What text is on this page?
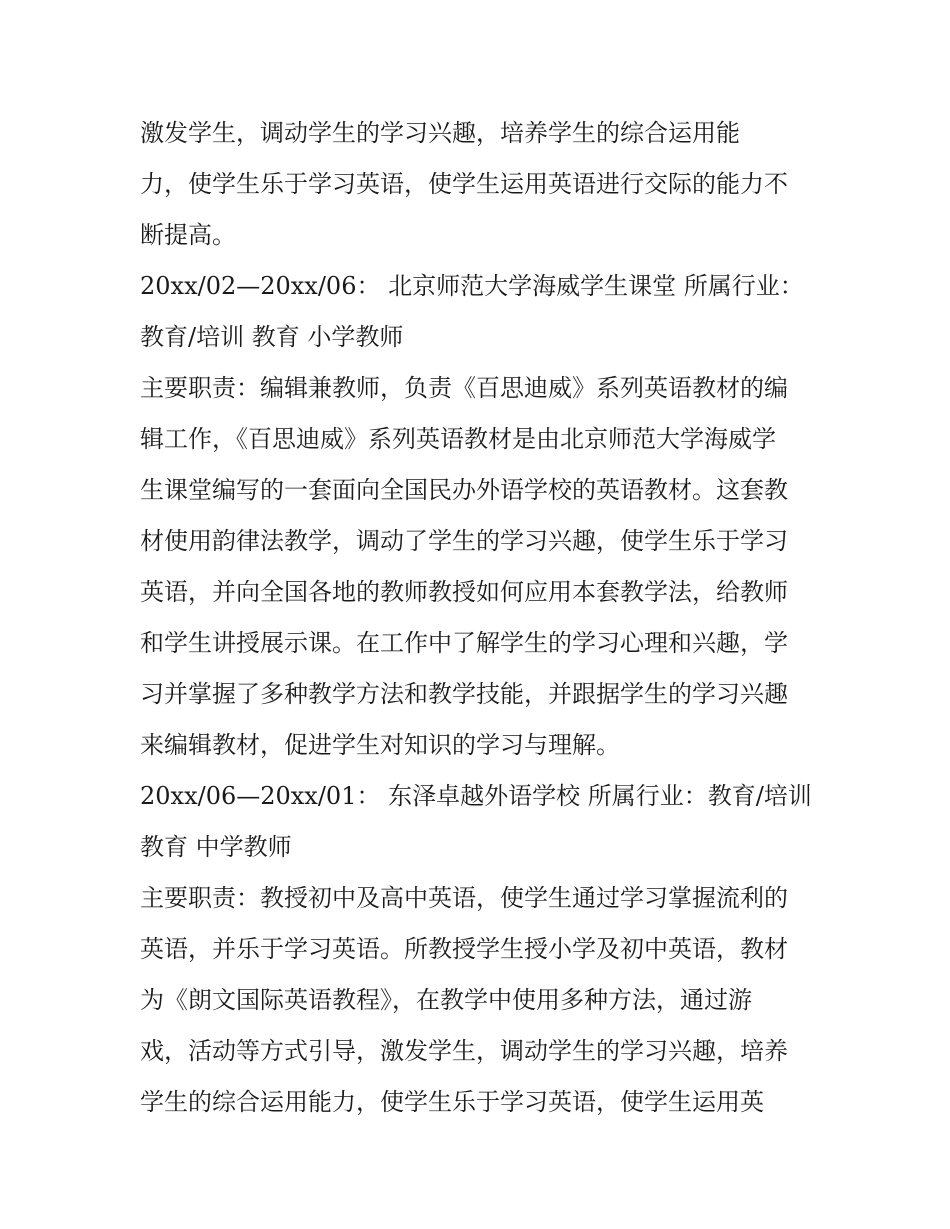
激发学生，调动学生的学习兴趣，培养学生的综合运用能
力，使学生乐于学习英语，使学生运用英语进行交际的能力不
断提高。
20xx/02—20xx/06： 北京师范大学海威学生课堂 所属行业：
教育/培训 教育 小学教师
主要职责：编辑兼教师，负责《百思迪威》系列英语教材的编
辑工作，《百思迪威》系列英语教材是由北京师范大学海威学
生课堂编写的一套面向全国民办外语学校的英语教材。这套教
材使用韵律法教学，调动了学生的学习兴趣，使学生乐于学习
英语，并向全国各地的教师教授如何应用本套教学法，给教师
和学生讲授展示课。在工作中了解学生的学习心理和兴趣，学
习并掌握了多种教学方法和教学技能，并跟据学生的学习兴趣
来编辑教材，促进学生对知识的学习与理解。
20xx/06—20xx/01： 东泽卓越外语学校 所属行业：教育/培训
教育 中学教师
主要职责：教授初中及高中英语，使学生通过学习掌握流利的
英语，并乐于学习英语。所教授学生授小学及初中英语，教材
为《朗文国际英语教程》，在教学中使用多种方法，通过游
戏，活动等方式引导，激发学生，调动学生的学习兴趣，培养
学生的综合运用能力，使学生乐于学习英语，使学生运用英
